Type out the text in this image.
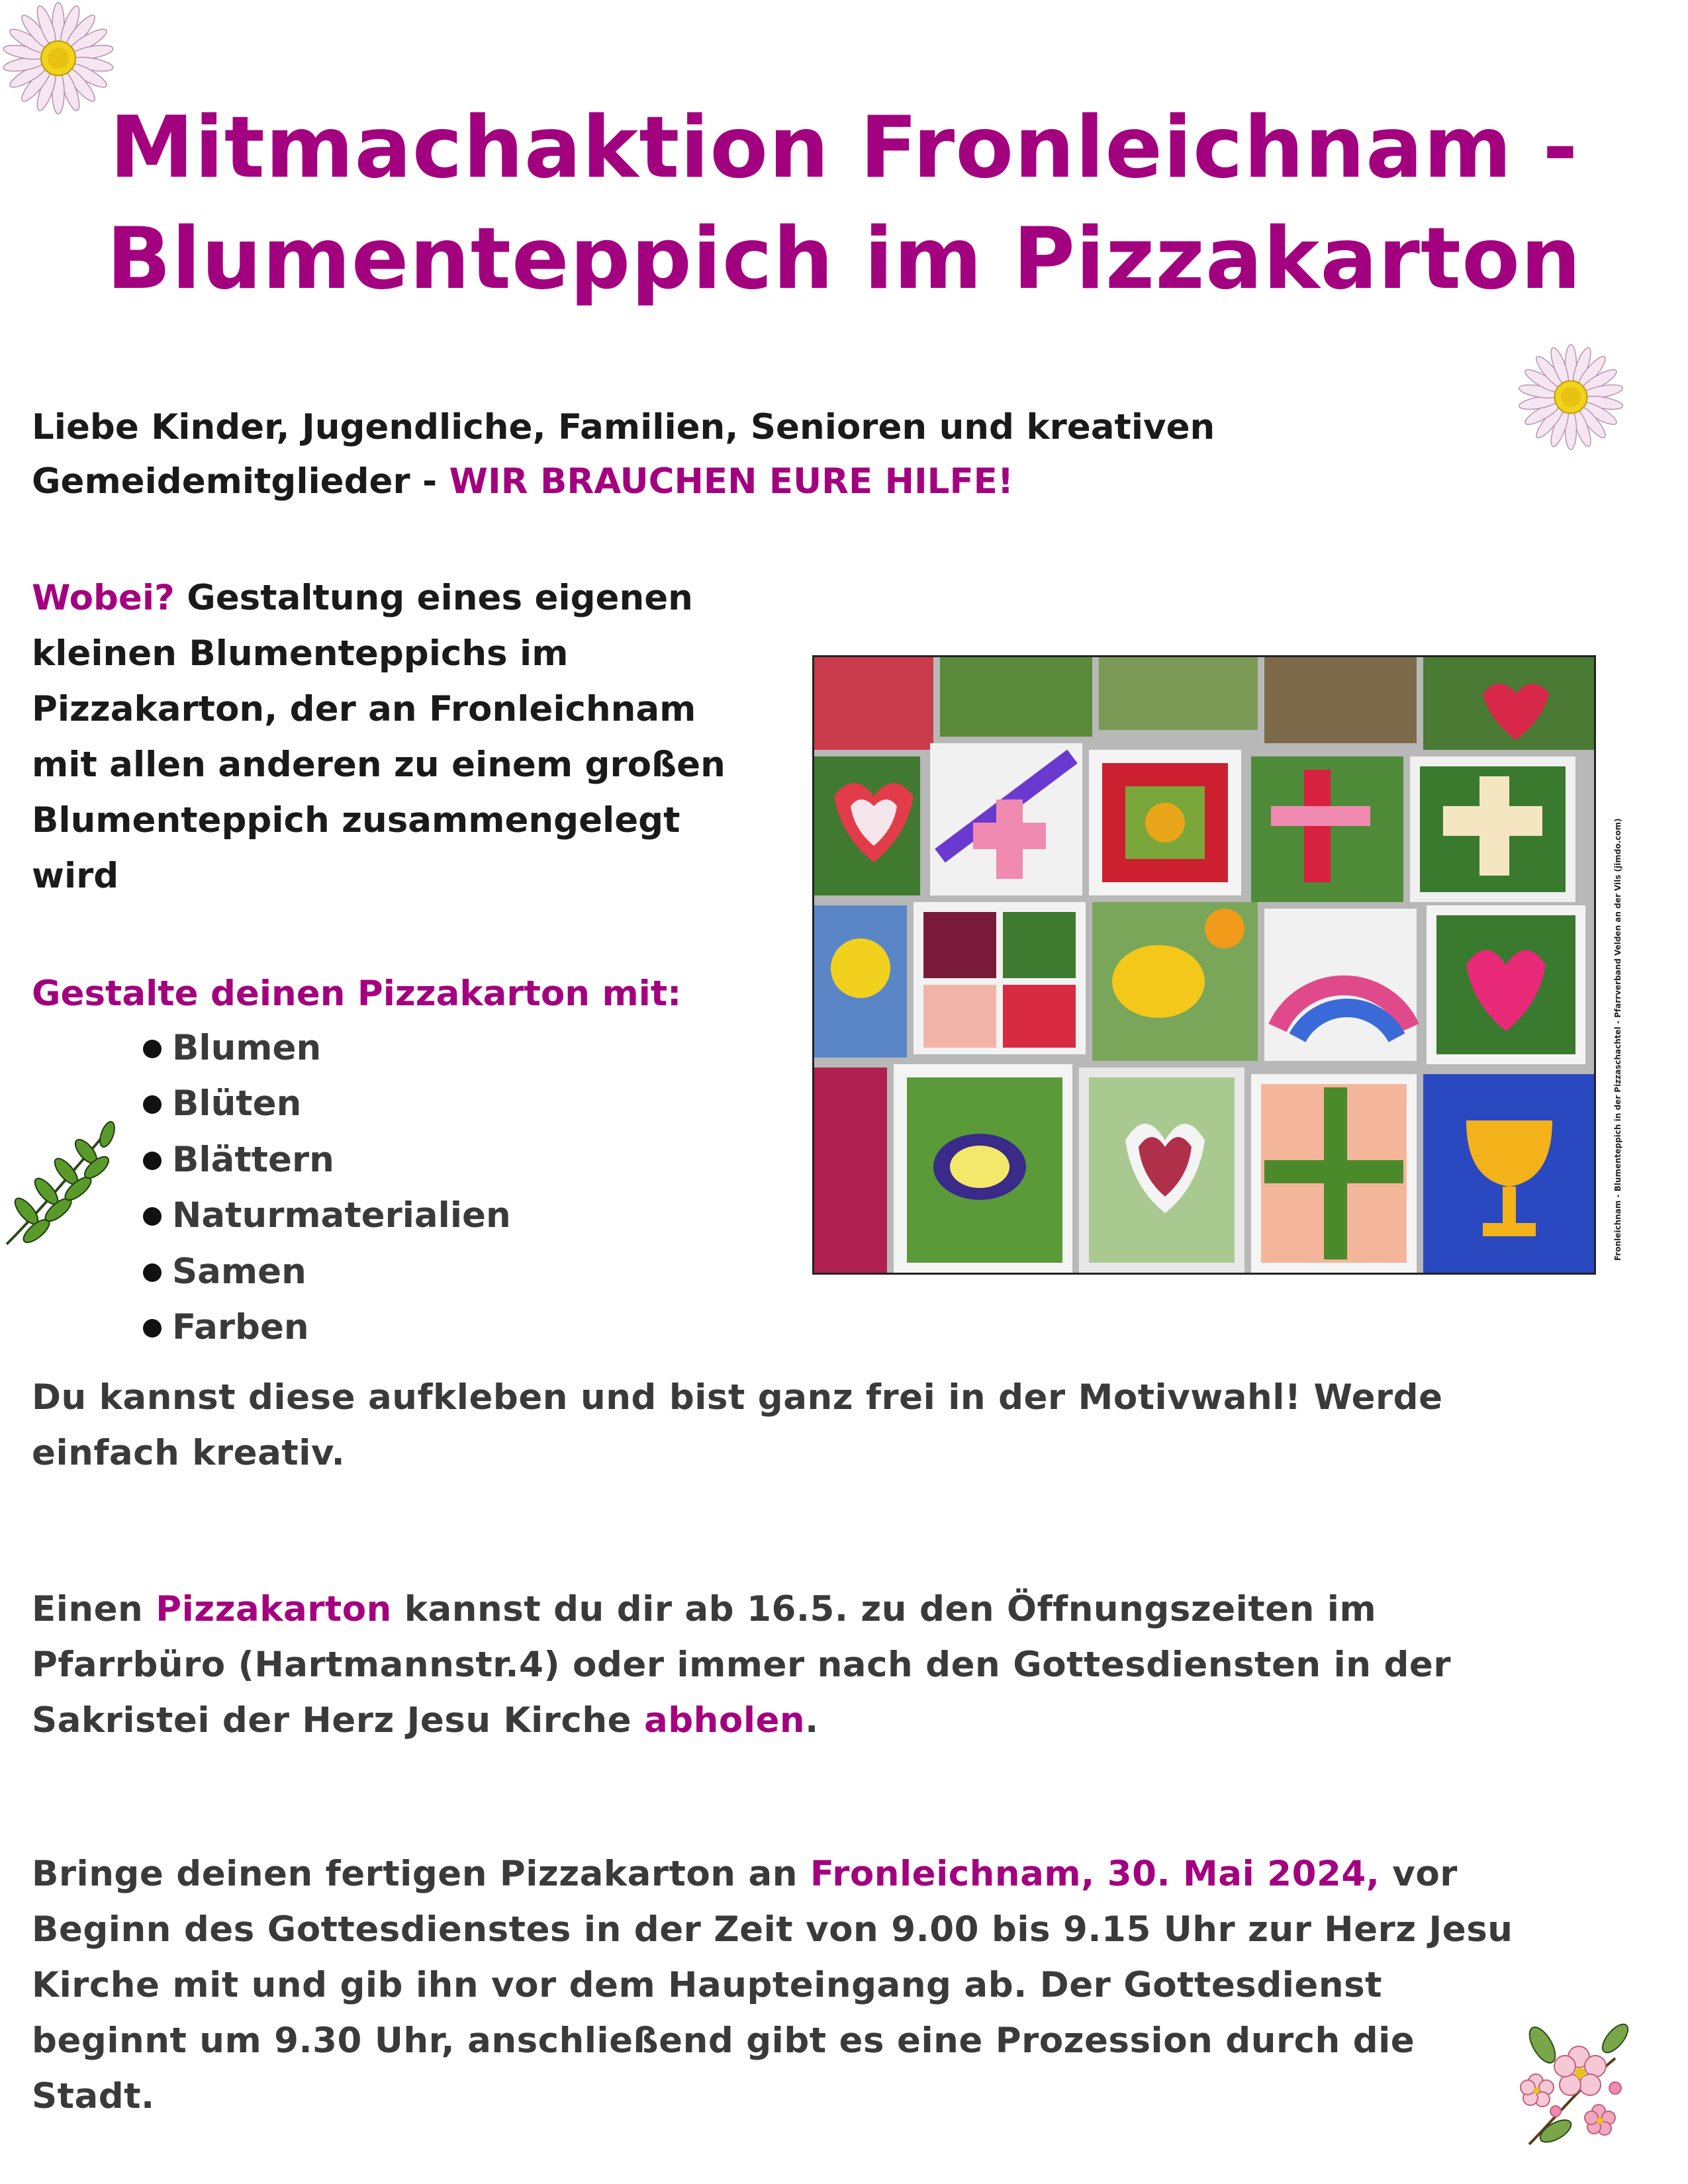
Mitmachaktion Fronleichnam -
Blumenteppich im Pizzakarton
Liebe Kinder, Jugendliche, Familien, Senioren und kreativen
Gemeidemitglieder - WIR BRAUCHEN EURE HILFE!
Wobei? Gestaltung eines eigenen
kleinen Blumenteppichs im
Pizzakarton, der an Fronleichnam
mit allen anderen zu einem großen
Blumenteppich zusammengelegt
wird	Fronleichnam - Blumenteppich in der Pizzaschachtel - Pfarrverband Velden an der Vils (jimdo.com)
Gestalte deinen Pizzakarton mit:
Blumen
Blüten
Blättern
Naturmaterialien
Samen
Farben
Du kannst diese aufkleben und bist ganz frei in der Motivwahl! Werde
einfach kreativ.
Einen Pizzakarton kannst du dir ab 16.5. zu den Öffnungszeiten im
Pfarrbüro (Hartmannstr.4) oder immer nach den Gottesdiensten in der
Sakristei der Herz Jesu Kirche abholen.
Bringe deinen fertigen Pizzakarton an Fronleichnam, 30. Mai 2024, vor
Beginn des Gottesdienstes in der Zeit von 9.00 bis 9.15 Uhr zur Herz Jesu
Kirche mit und gib ihn vor dem Haupteingang ab. Der Gottesdienst
beginnt um 9.30 Uhr, anschließend gibt es eine Prozession durch die
Stadt.
